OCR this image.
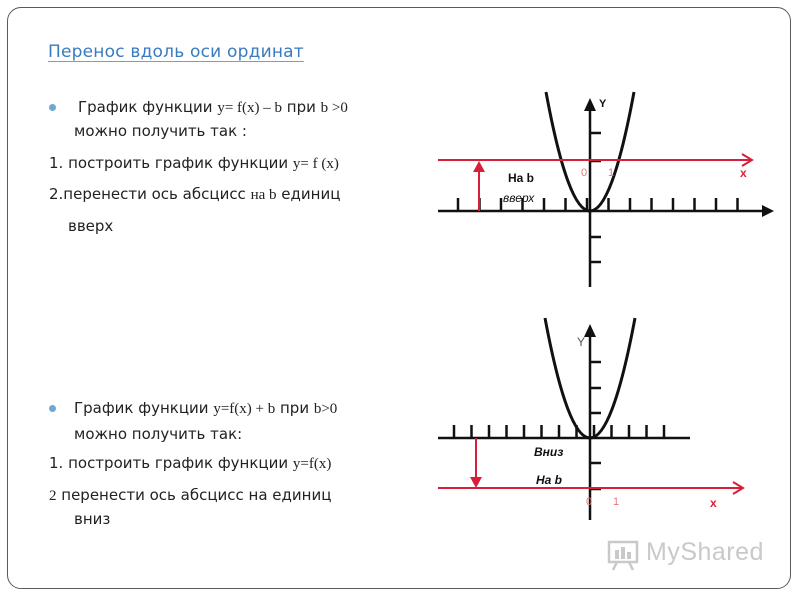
Перенос вдоль оси ординат
График функции y= f(x) – b при b >0
можно получить так :
1. построить график функции y= f (x)
2.перенести ось абсцисс на b единиц
вверх
График функции y=f(x) + b при b>0
можно получить так:
1. построить график функции y=f(x)
2 перенести ось абсцисс на единиц
вниз
Y
x
0 1
На b
вверх
Y
x
0 1
Вниз
На b
MyShared
